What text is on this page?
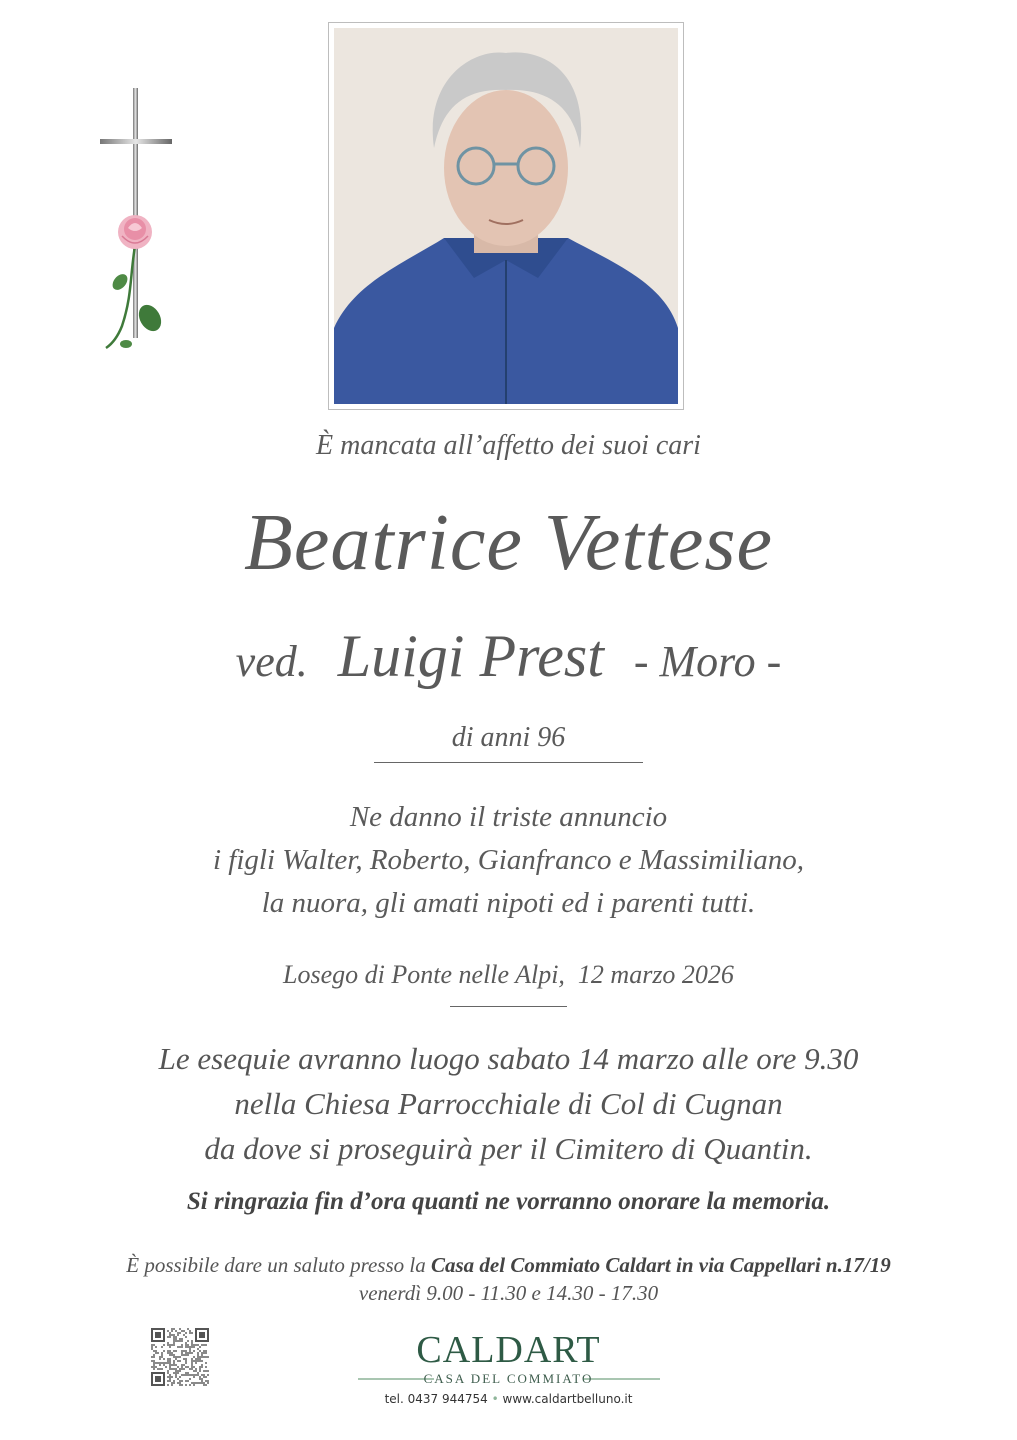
È mancata all’affetto dei suoi cari
Beatrice Vettese
ved. Luigi Prest - Moro -
di anni 96
Ne danno il triste annuncio
i figli Walter, Roberto, Gianfranco e Massimiliano,
la nuora, gli amati nipoti ed i parenti tutti.
Losego di Ponte nelle Alpi, 12 marzo 2026
Le esequie avranno luogo sabato 14 marzo alle ore 9.30
nella Chiesa Parrocchiale di Col di Cugnan
da dove si proseguirà per il Cimitero di Quantin.
Si ringrazia fin d’ora quanti ne vorranno onorare la memoria.
È possibile dare un saluto presso la Casa del Commiato Caldart in via Cappellari n.17/19
venerdì 9.00 - 11.30 e 14.30 - 17.30
CALDART
CASA DEL COMMIATO
tel. 0437 944754 • www.caldartbelluno.it
